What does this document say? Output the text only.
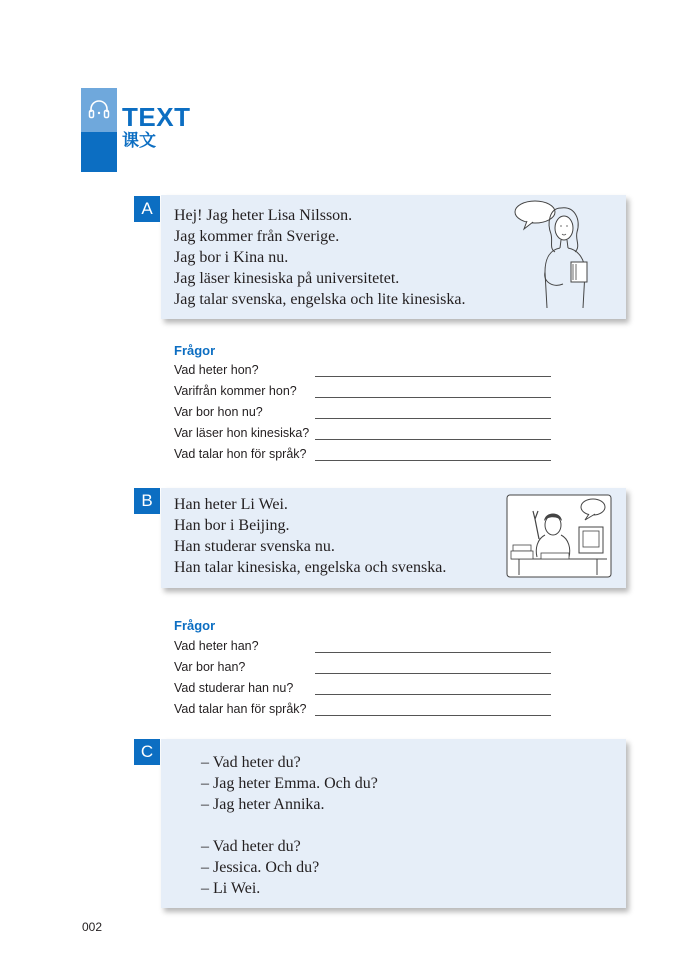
TEXT
课文
A	Hej! Jag heter Lisa Nilsson.
Jag kommer från Sverige.
Jag bor i Kina nu.
Jag läser kinesiska på universitetet.
Jag talar svenska, engelska och lite kinesiska.
Frågor
Vad heter hon?
Varifrån kommer hon?
Var bor hon nu?
Var läser hon kinesiska?
Vad talar hon för språk?
B	Han heter Li Wei.
Han bor i Beijing.
Han studerar svenska nu.
Han talar kinesiska, engelska och svenska.
Frågor
Vad heter han?
Var bor han?
Vad studerar han nu?
Vad talar han för språk?
C
– Vad heter du?
– Jag heter Emma. Och du?
– Jag heter Annika.
– Vad heter du?
– Jessica. Och du?
– Li Wei.
002
